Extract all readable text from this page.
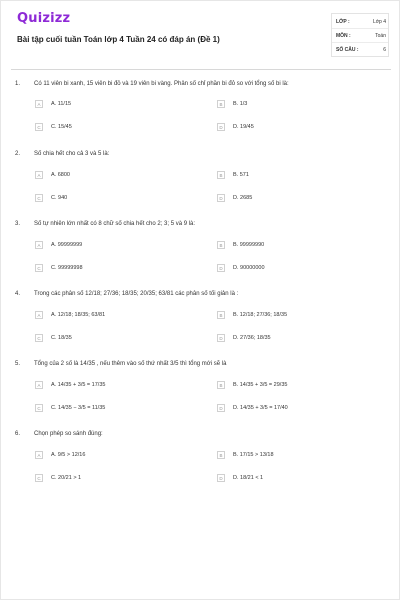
Quizizz
Bài tập cuối tuần Toán lớp 4 Tuần 24 có đáp án (Đề 1)
LỚP :	Lớp 4
MÔN :	Toán
SỐ CÂU :	6
1. Có 11 viên bi xanh, 15 viên bi đỏ và 19 viên bi vàng. Phân số chỉ phần bi đỏ so với tổng số bi là:
A	A. 11/15	B	B. 1/3
C	C. 15/45	D	D. 19/45
2. Số chia hết cho cả 3 và 5 là:
A	A. 6800	B	B. 571
C	C. 940	D	D. 2685
3. Số tự nhiên lớn nhất có 8 chữ số chia hết cho 2; 3; 5 và 9 là:
A	A. 99999999	B	B. 99999990
C	C. 99999998	D	D. 90000000
4. Trong các phân số 12/18; 27/36; 18/35; 20/35; 63/81 các phân số tối giản là :
A	A. 12/18; 18/35; 63/81	B	B. 12/18; 27/36; 18/35
C	C. 18/35	D	D. 27/36; 18/35
5. Tổng của 2 số là 14/35 , nếu thêm vào số thứ nhất 3/5 thì tổng mới sẽ là
A	A. 14/35 + 3/5 = 17/35	B	B. 14/35 + 3/5 = 29/35
C	C. 14/35 − 3/5 = 11/35	D	D. 14/35 + 3/5 = 17/40
6. Chọn phép so sánh đúng:
A	A. 9/5 > 12/16	B	B. 17/15 > 13/18
C	C. 20/21 > 1	D	D. 18/21 < 1
